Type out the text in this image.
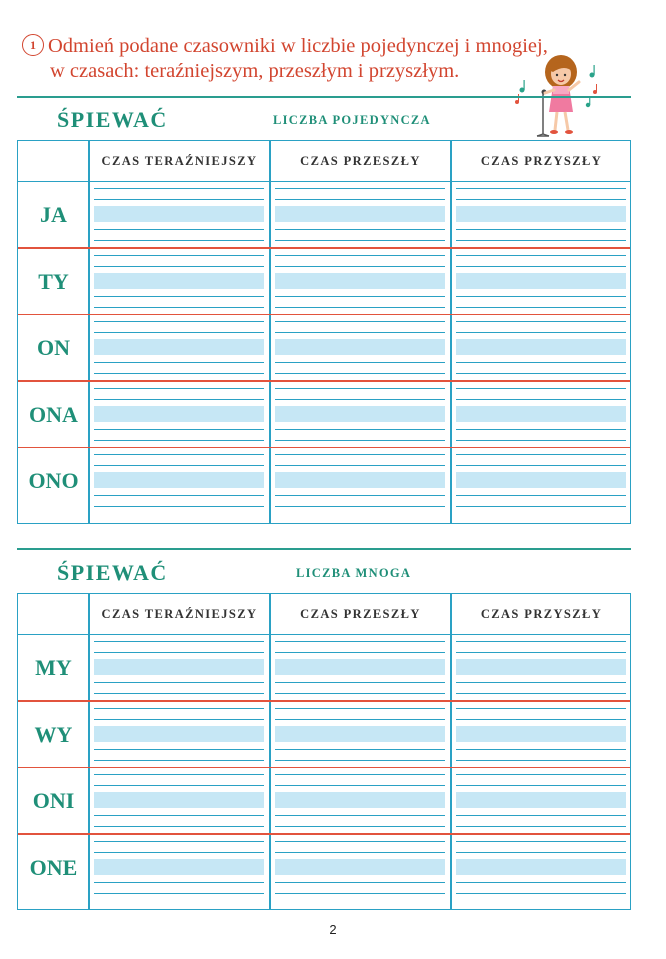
1 Odmień podane czasowniki w liczbie pojedynczej i mnogiej,
w czasach: teraźniejszym, przeszłym i przyszłym.
ŚPIEWAĆ	LICZBA POJEDYNCZA
CZAS TERAŹNIEJSZY	CZAS PRZESZŁY	CZAS PRZYSZŁY
JA
TY
ON
ONA
ONO
ŚPIEWAĆ	LICZBA MNOGA
CZAS TERAŹNIEJSZY	CZAS PRZESZŁY	CZAS PRZYSZŁY
MY
WY
ONI
ONE
2
